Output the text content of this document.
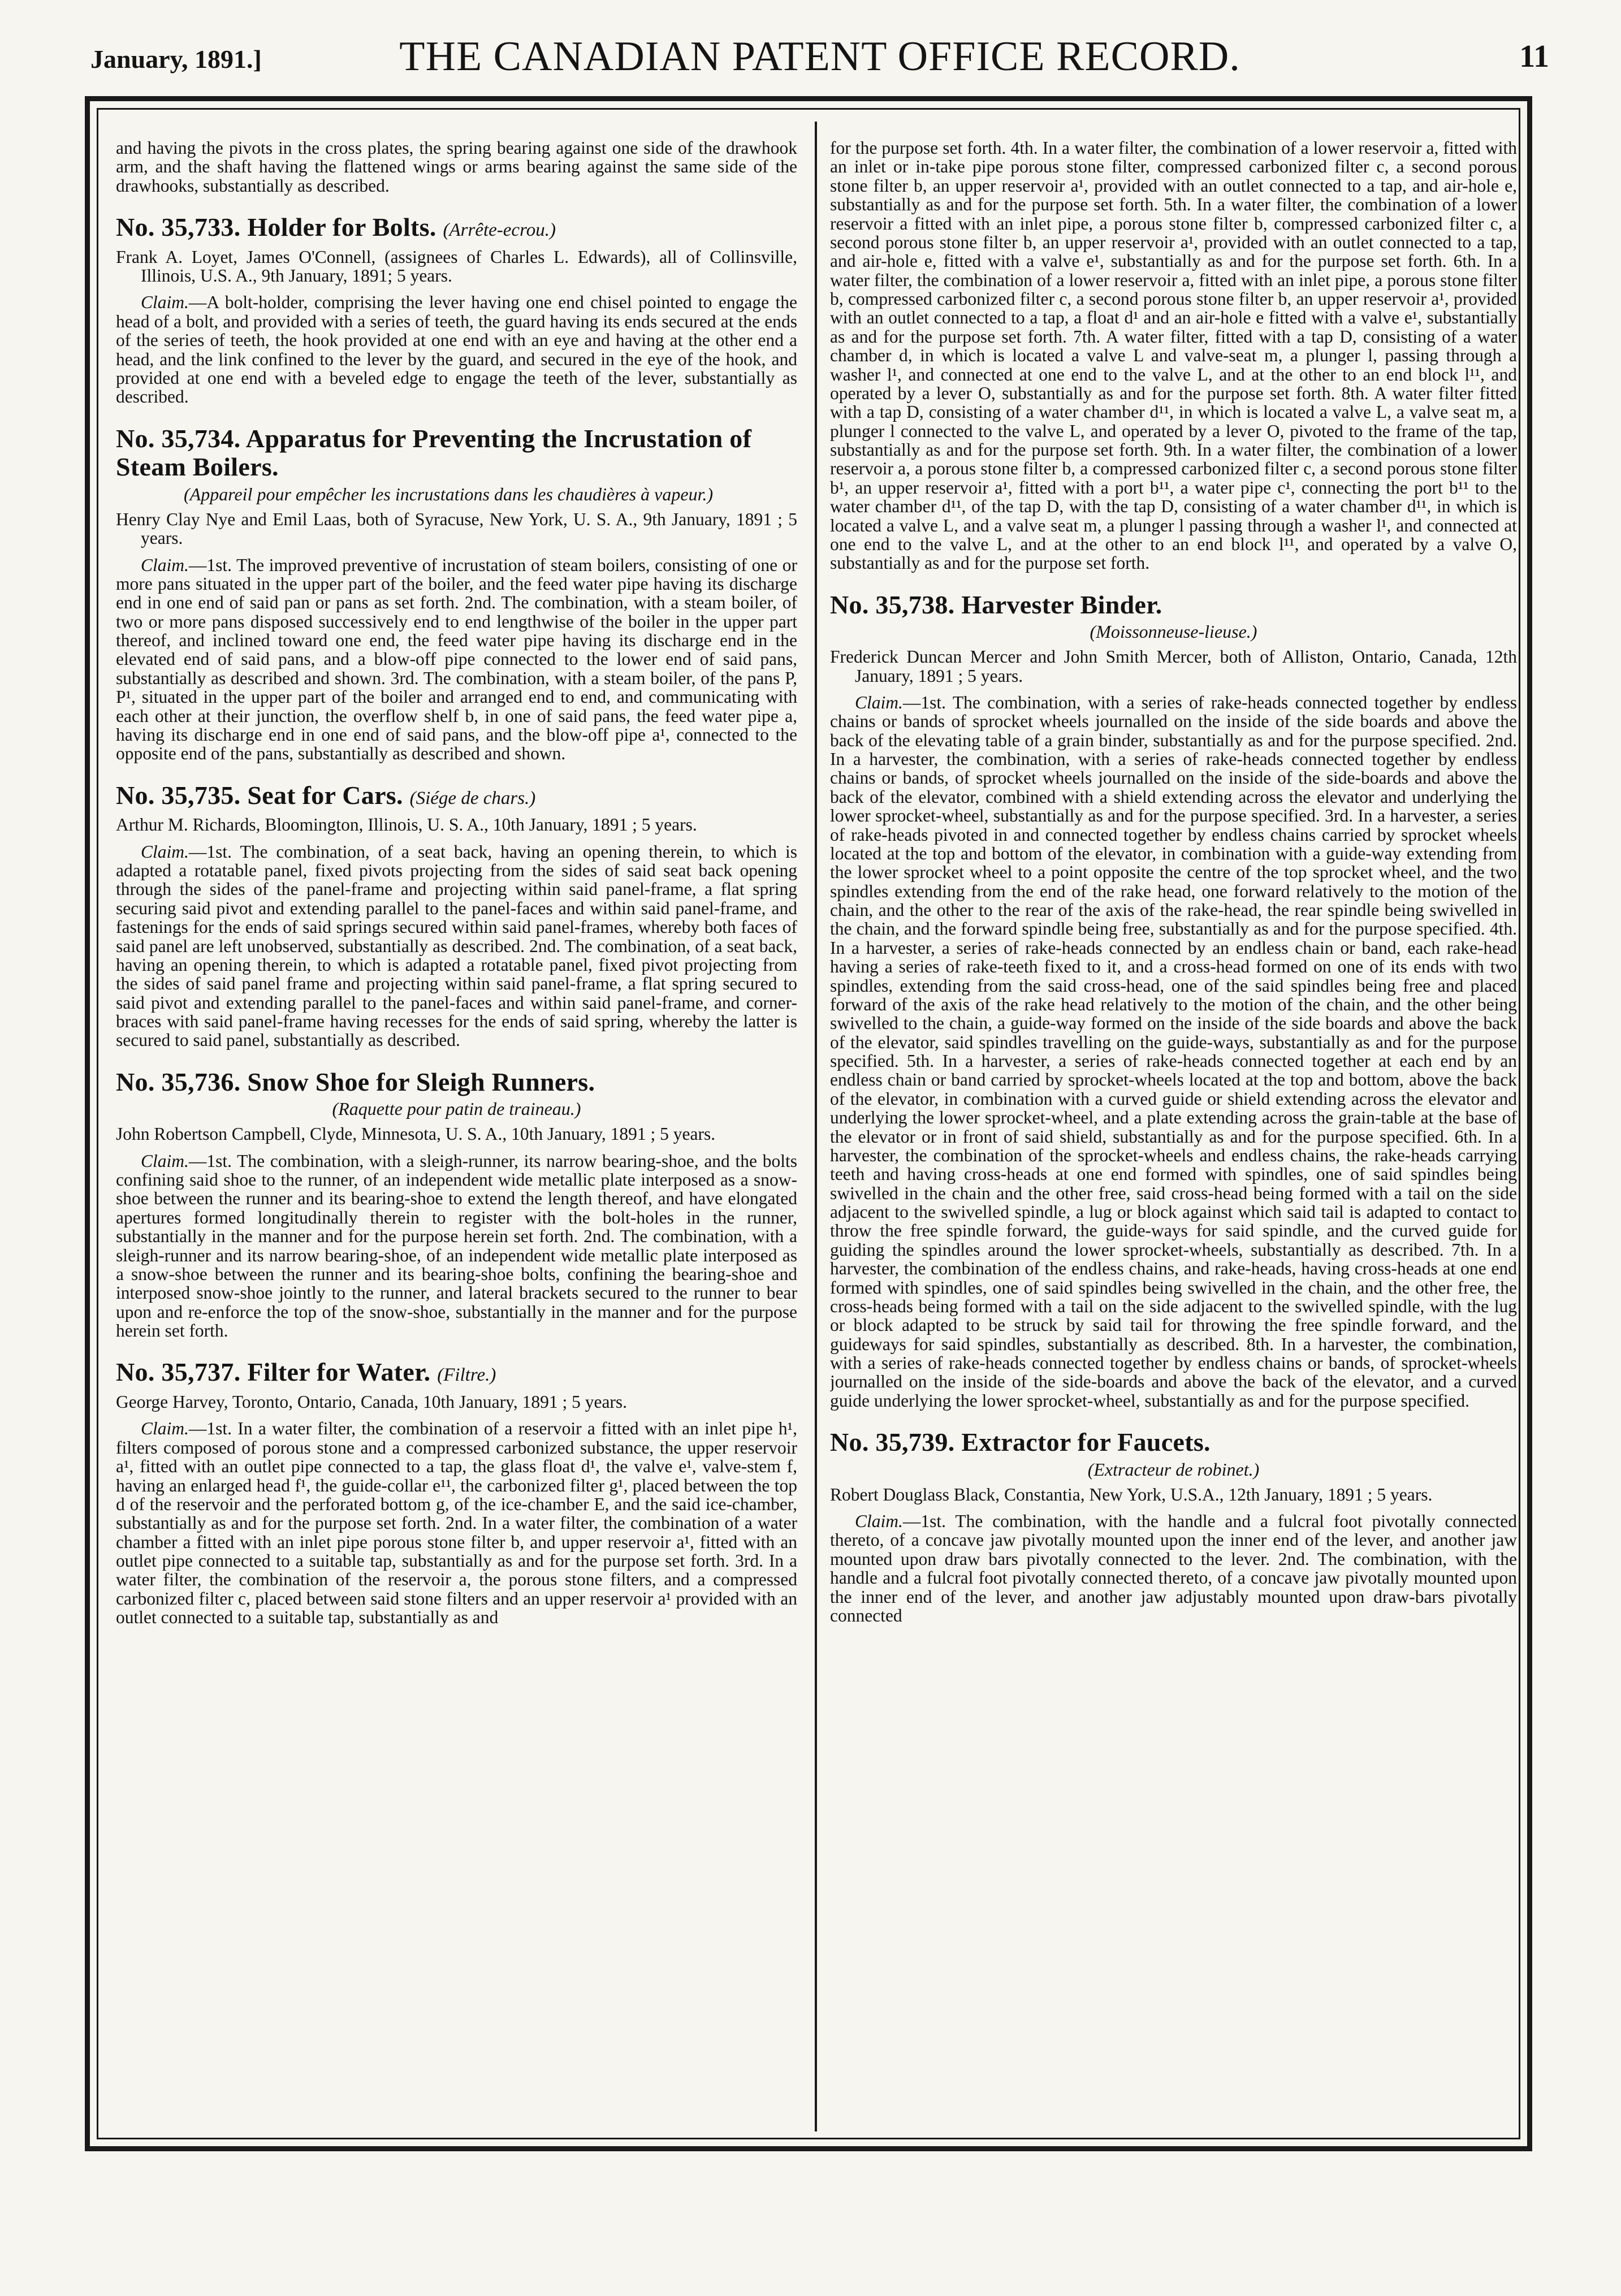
January, 1891.]	THE CANADIAN PATENT OFFICE RECORD.	11

and having the pivots in the cross plates, the spring bearing against one side of the drawhook arm, and the shaft having the flattened wings or arms bearing against the same side of the drawhooks, substantially as described.

No. 35,733. Holder for Bolts. (Arrête-ecrou.)

Frank A. Loyet, James O'Connell, (assignees of Charles L. Edwards), all of Collinsville, Illinois, U.S. A., 9th January, 1891; 5 years.

Claim.—A bolt-holder, comprising the lever having one end chisel pointed to engage the head of a bolt, and provided with a series of teeth, the guard having its ends secured at the ends of the series of teeth, the hook provided at one end with an eye and having at the other end a head, and the link confined to the lever by the guard, and secured in the eye of the hook, and provided at one end with a beveled edge to engage the teeth of the lever, substantially as described.

No. 35,734. Apparatus for Preventing the Incrustation of Steam Boilers.

(Appareil pour empêcher les incrustations dans les chaudières à vapeur.)

Henry Clay Nye and Emil Laas, both of Syracuse, New York, U. S. A., 9th January, 1891 ; 5 years.

Claim.—1st. The improved preventive of incrustation of steam boilers, consisting of one or more pans situated in the upper part of the boiler, and the feed water pipe having its discharge end in one end of said pan or pans as set forth. 2nd. The combination, with a steam boiler, of two or more pans disposed successively end to end lengthwise of the boiler in the upper part thereof, and inclined toward one end, the feed water pipe having its discharge end in the elevated end of said pans, and a blow-off pipe connected to the lower end of said pans, substantially as described and shown. 3rd. The combination, with a steam boiler, of the pans P, P¹, situated in the upper part of the boiler and arranged end to end, and communicating with each other at their junction, the overflow shelf b, in one of said pans, the feed water pipe a, having its discharge end in one end of said pans, and the blow-off pipe a¹, connected to the opposite end of the pans, substantially as described and shown.

No. 35,735. Seat for Cars. (Siége de chars.)

Arthur M. Richards, Bloomington, Illinois, U. S. A., 10th January, 1891 ; 5 years.

Claim.—1st. The combination, of a seat back, having an opening therein, to which is adapted a rotatable panel, fixed pivots projecting from the sides of said seat back opening through the sides of the panel-frame and projecting within said panel-frame, a flat spring securing said pivot and extending parallel to the panel-faces and within said panel-frame, and fastenings for the ends of said springs secured within said panel-frames, whereby both faces of said panel are left unobserved, substantially as described. 2nd. The combination, of a seat back, having an opening therein, to which is adapted a rotatable panel, fixed pivot projecting from the sides of said panel frame and projecting within said panel-frame, a flat spring secured to said pivot and extending parallel to the panel-faces and within said panel-frame, and corner-braces with said panel-frame having recesses for the ends of said spring, whereby the latter is secured to said panel, substantially as described.

No. 35,736. Snow Shoe for Sleigh Runners.

(Raquette pour patin de traineau.)

John Robertson Campbell, Clyde, Minnesota, U. S. A., 10th January, 1891 ; 5 years.

Claim.—1st. The combination, with a sleigh-runner, its narrow bearing-shoe, and the bolts confining said shoe to the runner, of an independent wide metallic plate interposed as a snow-shoe between the runner and its bearing-shoe to extend the length thereof, and have elongated apertures formed longitudinally therein to register with the bolt-holes in the runner, substantially in the manner and for the purpose herein set forth. 2nd. The combination, with a sleigh-runner and its narrow bearing-shoe, of an independent wide metallic plate interposed as a snow-shoe between the runner and its bearing-shoe bolts, confining the bearing-shoe and interposed snow-shoe jointly to the runner, and lateral brackets secured to the runner to bear upon and re-enforce the top of the snow-shoe, substantially in the manner and for the purpose herein set forth.

No. 35,737. Filter for Water. (Filtre.)

George Harvey, Toronto, Ontario, Canada, 10th January, 1891 ; 5 years.

Claim.—1st. In a water filter, the combination of a reservoir a fitted with an inlet pipe h¹, filters composed of porous stone and a compressed carbonized substance, the upper reservoir a¹, fitted with an outlet pipe connected to a tap, the glass float d¹, the valve e¹, valve-stem f, having an enlarged head f¹, the guide-collar e¹¹, the carbonized filter g¹, placed between the top d of the reservoir and the perforated bottom g, of the ice-chamber E, and the said ice-chamber, substantially as and for the purpose set forth. 2nd. In a water filter, the combination of a water chamber a fitted with an inlet pipe porous stone filter b, and upper reservoir a¹, fitted with an outlet pipe connected to a suitable tap, substantially as and for the purpose set forth. 3rd. In a water filter, the combination of the reservoir a, the porous stone filters, and a compressed carbonized filter c, placed between said stone filters and an upper reservoir a¹ provided with an outlet connected to a suitable tap, substantially as and

for the purpose set forth. 4th. In a water filter, the combination of a lower reservoir a, fitted with an inlet or in-take pipe porous stone filter, compressed carbonized filter c, a second porous stone filter b, an upper reservoir a¹, provided with an outlet connected to a tap, and air-hole e, substantially as and for the purpose set forth. 5th. In a water filter, the combination of a lower reservoir a fitted with an inlet pipe, a porous stone filter b, compressed carbonized filter c, a second porous stone filter b, an upper reservoir a¹, provided with an outlet connected to a tap, and air-hole e, fitted with a valve e¹, substantially as and for the purpose set forth. 6th. In a water filter, the combination of a lower reservoir a, fitted with an inlet pipe, a porous stone filter b, compressed carbonized filter c, a second porous stone filter b, an upper reservoir a¹, provided with an outlet connected to a tap, a float d¹ and an air-hole e fitted with a valve e¹, substantially as and for the purpose set forth. 7th. A water filter, fitted with a tap D, consisting of a water chamber d, in which is located a valve L and valve-seat m, a plunger l, passing through a washer l¹, and connected at one end to the valve L, and at the other to an end block l¹¹, and operated by a lever O, substantially as and for the purpose set forth. 8th. A water filter fitted with a tap D, consisting of a water chamber d¹¹, in which is located a valve L, a valve seat m, a plunger l connected to the valve L, and operated by a lever O, pivoted to the frame of the tap, substantially as and for the purpose set forth. 9th. In a water filter, the combination of a lower reservoir a, a porous stone filter b, a compressed carbonized filter c, a second porous stone filter b¹, an upper reservoir a¹, fitted with a port b¹¹, a water pipe c¹, connecting the port b¹¹ to the water chamber d¹¹, of the tap D, with the tap D, consisting of a water chamber d¹¹, in which is located a valve L, and a valve seat m, a plunger l passing through a washer l¹, and connected at one end to the valve L, and at the other to an end block l¹¹, and operated by a valve O, substantially as and for the purpose set forth.

No. 35,738. Harvester Binder.

(Moissonneuse-lieuse.)

Frederick Duncan Mercer and John Smith Mercer, both of Alliston, Ontario, Canada, 12th January, 1891 ; 5 years.

Claim.—1st. The combination, with a series of rake-heads connected together by endless chains or bands of sprocket wheels journalled on the inside of the side boards and above the back of the elevating table of a grain binder, substantially as and for the purpose specified. 2nd. In a harvester, the combination, with a series of rake-heads connected together by endless chains or bands, of sprocket wheels journalled on the inside of the side-boards and above the back of the elevator, combined with a shield extending across the elevator and underlying the lower sprocket-wheel, substantially as and for the purpose specified. 3rd. In a harvester, a series of rake-heads pivoted in and connected together by endless chains carried by sprocket wheels located at the top and bottom of the elevator, in combination with a guide-way extending from the lower sprocket wheel to a point opposite the centre of the top sprocket wheel, and the two spindles extending from the end of the rake head, one forward relatively to the motion of the chain, and the other to the rear of the axis of the rake-head, the rear spindle being swivelled in the chain, and the forward spindle being free, substantially as and for the purpose specified. 4th. In a harvester, a series of rake-heads connected by an endless chain or band, each rake-head having a series of rake-teeth fixed to it, and a cross-head formed on one of its ends with two spindles, extending from the said cross-head, one of the said spindles being free and placed forward of the axis of the rake head relatively to the motion of the chain, and the other being swivelled to the chain, a guide-way formed on the inside of the side boards and above the back of the elevator, said spindles travelling on the guide-ways, substantially as and for the purpose specified. 5th. In a harvester, a series of rake-heads connected together at each end by an endless chain or band carried by sprocket-wheels located at the top and bottom, above the back of the elevator, in combination with a curved guide or shield extending across the elevator and underlying the lower sprocket-wheel, and a plate extending across the grain-table at the base of the elevator or in front of said shield, substantially as and for the purpose specified. 6th. In a harvester, the combination of the sprocket-wheels and endless chains, the rake-heads carrying teeth and having cross-heads at one end formed with spindles, one of said spindles being swivelled in the chain and the other free, said cross-head being formed with a tail on the side adjacent to the swivelled spindle, a lug or block against which said tail is adapted to contact to throw the free spindle forward, the guide-ways for said spindle, and the curved guide for guiding the spindles around the lower sprocket-wheels, substantially as described. 7th. In a harvester, the combination of the endless chains, and rake-heads, having cross-heads at one end formed with spindles, one of said spindles being swivelled in the chain, and the other free, the cross-heads being formed with a tail on the side adjacent to the swivelled spindle, with the lug or block adapted to be struck by said tail for throwing the free spindle forward, and the guideways for said spindles, substantially as described. 8th. In a harvester, the combination, with a series of rake-heads connected together by endless chains or bands, of sprocket-wheels journalled on the inside of the side-boards and above the back of the elevator, and a curved guide underlying the lower sprocket-wheel, substantially as and for the purpose specified.

No. 35,739. Extractor for Faucets.

(Extracteur de robinet.)

Robert Douglass Black, Constantia, New York, U.S.A., 12th January, 1891 ; 5 years.

Claim.—1st. The combination, with the handle and a fulcral foot pivotally connected thereto, of a concave jaw pivotally mounted upon the inner end of the lever, and another jaw mounted upon draw bars pivotally connected to the lever. 2nd. The combination, with the handle and a fulcral foot pivotally connected thereto, of a concave jaw pivotally mounted upon the inner end of the lever, and another jaw adjustably mounted upon draw-bars pivotally connected
